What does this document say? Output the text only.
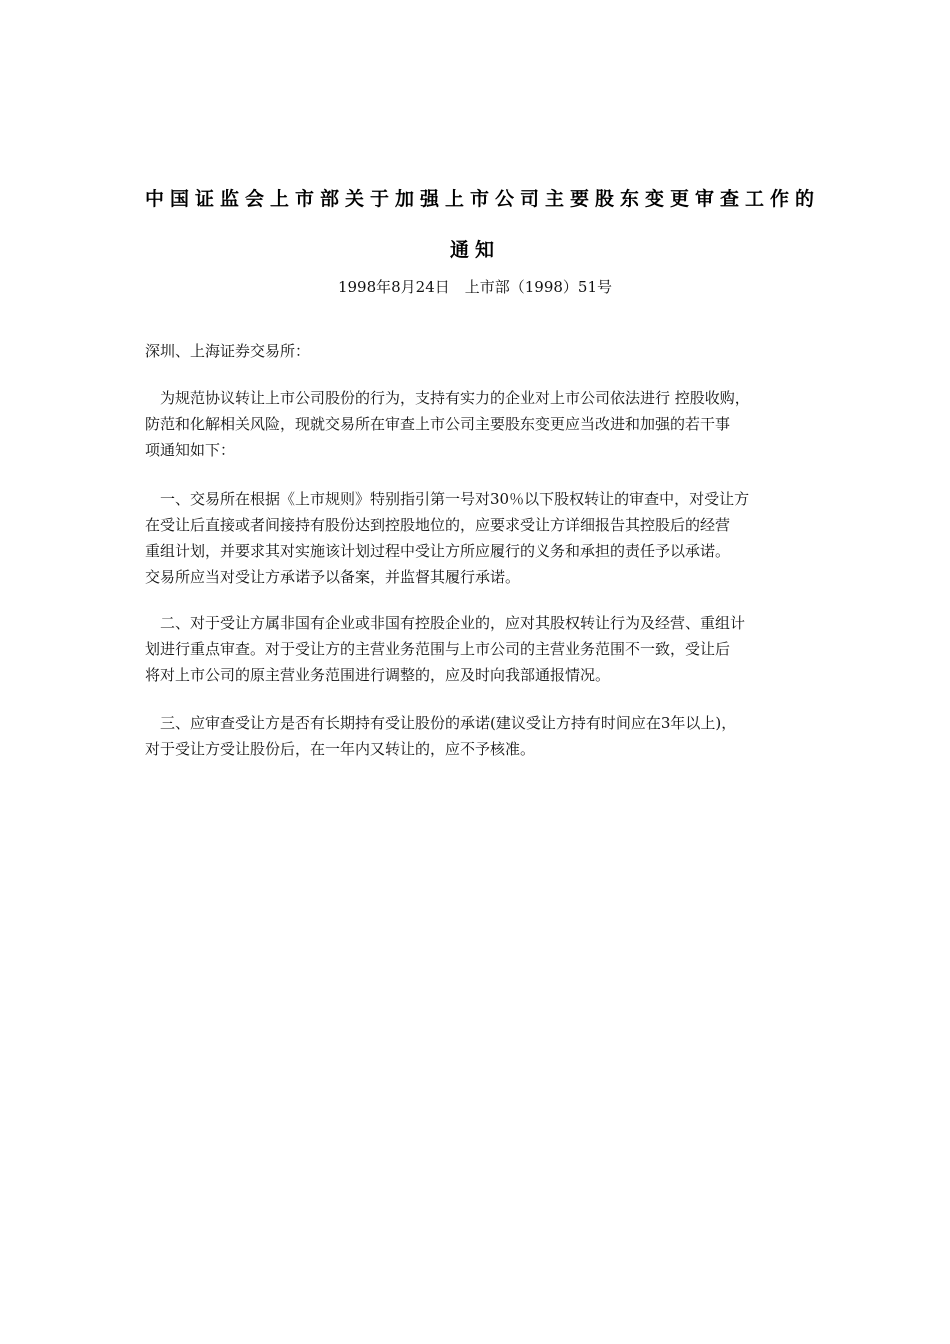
中国证监会上市部关于加强上市公司主要股东变更审查工作的
通知
1998年8月24日　上市部（1998）51号
深圳、上海证券交易所：
为规范协议转让上市公司股份的行为，支持有实力的企业对上市公司依法进行 控股收购，
防范和化解相关风险，现就交易所在审查上市公司主要股东变更应当改进和加强的若干事
项通知如下：
一、交易所在根据《上市规则》特别指引第一号对30％以下股权转让的审查中，对受让方
在受让后直接或者间接持有股份达到控股地位的，应要求受让方详细报告其控股后的经营
重组计划，并要求其对实施该计划过程中受让方所应履行的义务和承担的责任予以承诺。
交易所应当对受让方承诺予以备案，并监督其履行承诺。
二、对于受让方属非国有企业或非国有控股企业的，应对其股权转让行为及经营、重组计
划进行重点审查。对于受让方的主营业务范围与上市公司的主营业务范围不一致，受让后
将对上市公司的原主营业务范围进行调整的，应及时向我部通报情况。
三、应审查受让方是否有长期持有受让股份的承诺(建议受让方持有时间应在3年以上)，
对于受让方受让股份后，在一年内又转让的，应不予核准。
